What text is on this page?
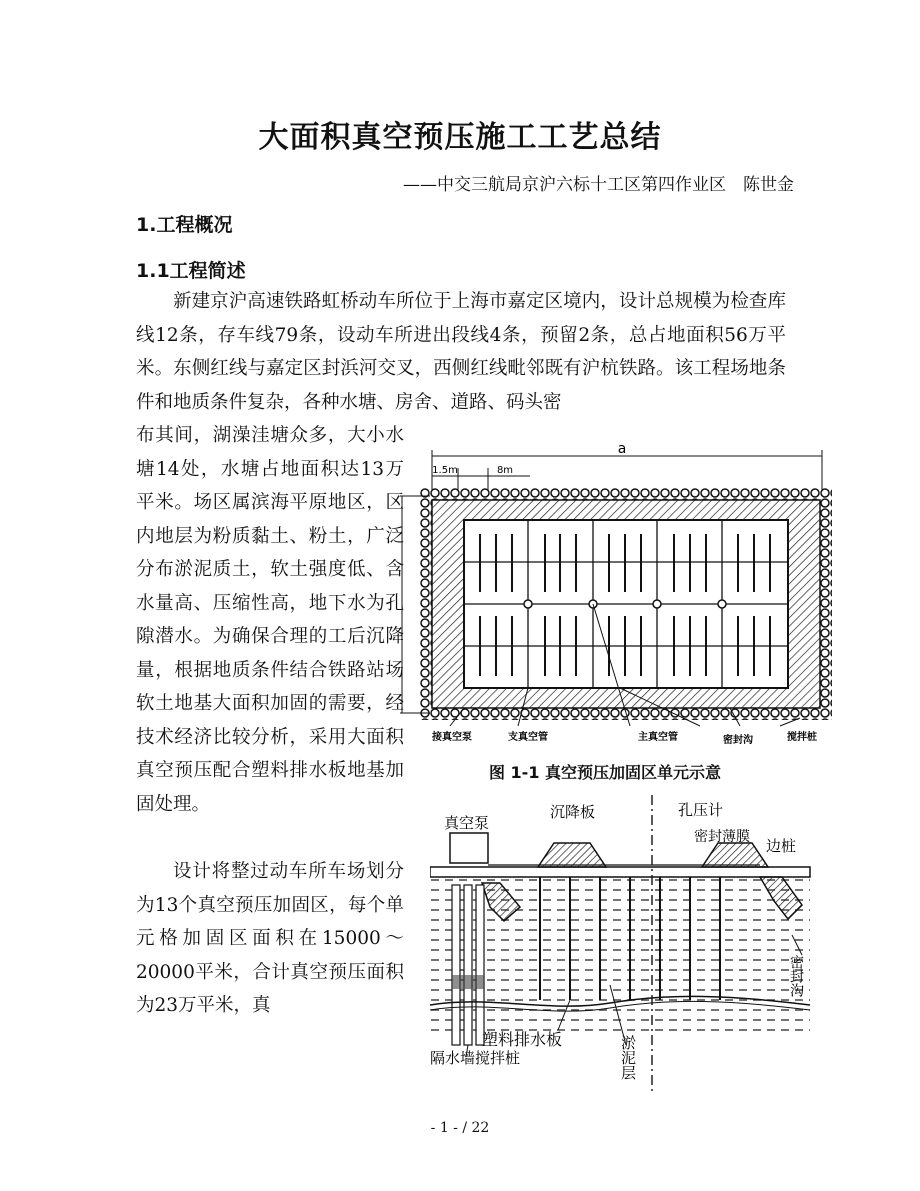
大面积真空预压施工工艺总结
——中交三航局京沪六标十工区第四作业区　陈世金
1.工程概况
1.1工程简述

新建京沪高速铁路虹桥动车所位于上海市嘉定区境内，设计总规模为检查库线12条，存车线79条，设动车所进出段线4条，预留2条，总占地面积56万平米。东侧红线与嘉定区封浜河交叉，西侧红线毗邻既有沪杭铁路。该工程场地条件和地质条件复杂，各种水塘、房舍、道路、码头密

布其间，湖澡洼塘众多，大小水塘14处，水塘占地面积达13万平米。场区属滨海平原地区，区内地层为粉质黏土、粉土，广泛分布淤泥质土，软土强度低、含水量高、压缩性高，地下水为孔隙潜水。为确保合理的工后沉降量，根据地质条件结合铁路站场软土地基大面积加固的需要，经技术经济比较分析，采用大面积真空预压配合塑料排水板地基加固处理。

a
1.5m	8m
接真空泵	支真空管	主真空管	密封沟	搅拌桩
图 1-1 真空预压加固区单元示意

设计将整过动车所车场划分为13个真空预压加固区，每个单元格加固区面积在15000～20000平米，合计真空预压面积为23万平米，真

真空泵
沉降板	孔压计
密封薄膜 边桩
密封沟
塑料排水板	淤泥层
隔水墙搅拌桩
- 1 - / 22
